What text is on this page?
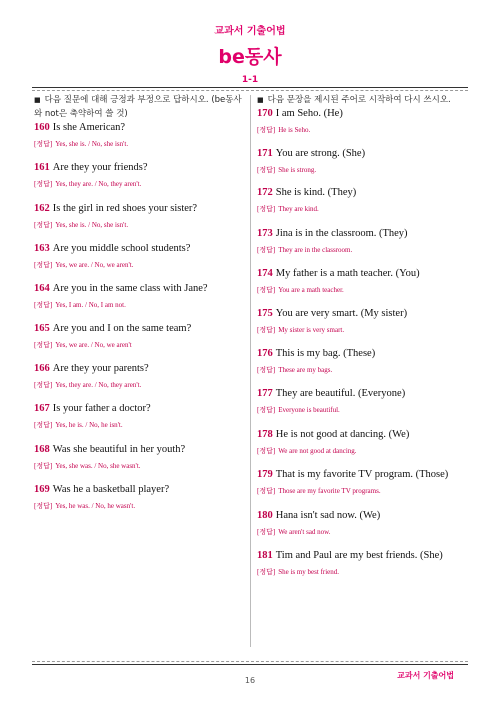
교과서 기출어법
be동사
1-1
■ 다음 질문에 대해 긍정과 부정으로 답하시오. (be동사와 not은 축약하여 쓸 것)
160 Is she American?
[정답] Yes, she is. / No, she isn't.
161 Are they your friends?
[정답] Yes, they are. / No, they aren't.
162 Is the girl in red shoes your sister?
[정답] Yes, she is. / No, she isn't.
163 Are you middle school students?
[정답] Yes, we are. / No, we aren't.
164 Are you in the same class with Jane?
[정답] Yes, I am. / No, I am not.
165 Are you and I on the same team?
[정답] Yes, we are. / No, we aren't
166 Are they your parents?
[정답] Yes, they are. / No, they aren't.
167 Is your father a doctor?
[정답] Yes, he is. / No, he isn't.
168 Was she beautiful in her youth?
[정답] Yes, she was. / No, she wasn't.
169 Was he a basketball player?
[정답] Yes, he was. / No, he wasn't.
■ 다음 문장을 제시된 주어로 시작하여 다시 쓰시오.
170 I am Seho. (He)
[정답] He is Seho.
171 You are strong. (She)
[정답] She is strong.
172 She is kind. (They)
[정답] They are kind.
173 Jina is in the classroom. (They)
[정답] They are in the classroom.
174 My father is a math teacher. (You)
[정답] You are a math teacher.
175 You are very smart. (My sister)
[정답] My sister is very smart.
176 This is my bag. (These)
[정답] These are my bags.
177 They are beautiful. (Everyone)
[정답] Everyone is beautiful.
178 He is not good at dancing. (We)
[정답] We are not good at dancing.
179 That is my favorite TV program. (Those)
[정답] Those are my favorite TV programs.
180 Hana isn't sad now. (We)
[정답] We aren't sad now.
181 Tim and Paul are my best friends. (She)
[정답] She is my best friend.
16
교과서 기출어법
